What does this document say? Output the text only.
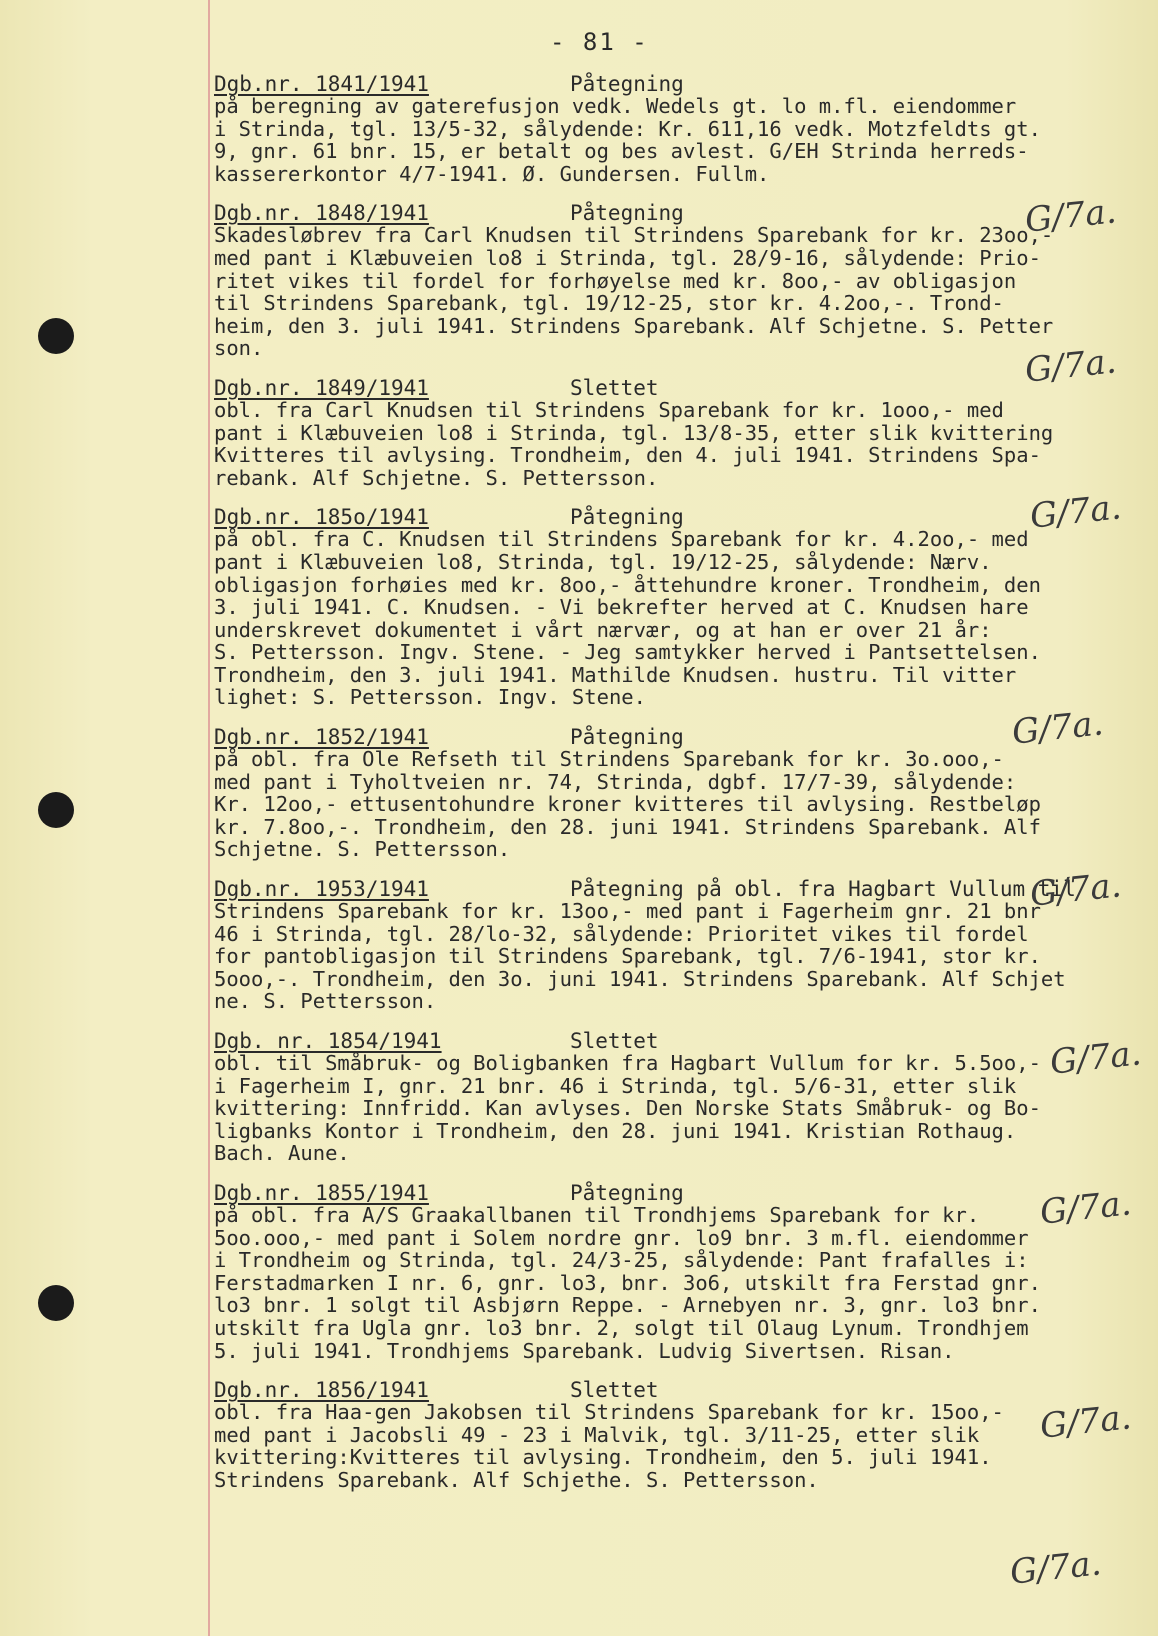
- 81 -
Dgb.nr. 1841/1941	Påtegning
på beregning av gaterefusjon vedk. Wedels gt. lo m.fl. eiendommer
i Strinda, tgl. 13/5-32, sålydende: Kr. 611,16 vedk. Motzfeldts gt.
9, gnr. 61 bnr. 15, er betalt og bes avlest. G/EH Strinda herreds-
kassererkontor 4/7-1941. Ø. Gundersen. Fullm.
Dgb.nr. 1848/1941	Påtegning
Skadesløbrev fra Carl Knudsen til Strindens Sparebank for kr. 23oo,-
med pant i Klæbuveien lo8 i Strinda, tgl. 28/9-16, sålydende: Prio-
ritet vikes til fordel for forhøyelse med kr. 8oo,- av obligasjon
til Strindens Sparebank, tgl. 19/12-25, stor kr. 4.2oo,-. Trond-
heim, den 3. juli 1941. Strindens Sparebank. Alf Schjetne. S. Petter
son.
Dgb.nr. 1849/1941	Slettet
obl. fra Carl Knudsen til Strindens Sparebank for kr. 1ooo,- med
pant i Klæbuveien lo8 i Strinda, tgl. 13/8-35, etter slik kvittering
Kvitteres til avlysing. Trondheim, den 4. juli 1941. Strindens Spa-
rebank. Alf Schjetne. S. Pettersson.
Dgb.nr. 185o/1941	Påtegning
på obl. fra C. Knudsen til Strindens Sparebank for kr. 4.2oo,- med
pant i Klæbuveien lo8, Strinda, tgl. 19/12-25, sålydende: Nærv.
obligasjon forhøies med kr. 8oo,- åttehundre kroner. Trondheim, den
3. juli 1941. C. Knudsen. - Vi bekrefter herved at C. Knudsen hare
underskrevet dokumentet i vårt nærvær, og at han er over 21 år:
S. Pettersson. Ingv. Stene. - Jeg samtykker herved i Pantsettelsen.
Trondheim, den 3. juli 1941. Mathilde Knudsen. hustru. Til vitter
lighet: S. Pettersson. Ingv. Stene.
Dgb.nr. 1852/1941	Påtegning
på obl. fra Ole Refseth til Strindens Sparebank for kr. 3o.ooo,-
med pant i Tyholtveien nr. 74, Strinda, dgbf. 17/7-39, sålydende:
Kr. 12oo,- ettusentohundre kroner kvitteres til avlysing. Restbeløp
kr. 7.8oo,-. Trondheim, den 28. juni 1941. Strindens Sparebank. Alf
Schjetne. S. Pettersson.
Dgb.nr. 1953/1941	Påtegning på obl. fra Hagbart Vullum til
Strindens Sparebank for kr. 13oo,- med pant i Fagerheim gnr. 21 bnr
46 i Strinda, tgl. 28/lo-32, sålydende: Prioritet vikes til fordel
for pantobligasjon til Strindens Sparebank, tgl. 7/6-1941, stor kr.
5ooo,-. Trondheim, den 3o. juni 1941. Strindens Sparebank. Alf Schjet
ne. S. Pettersson.
Dgb. nr. 1854/1941	Slettet
obl. til Småbruk- og Boligbanken fra Hagbart Vullum for kr. 5.5oo,-
i Fagerheim I, gnr. 21 bnr. 46 i Strinda, tgl. 5/6-31, etter slik
kvittering: Innfridd. Kan avlyses. Den Norske Stats Småbruk- og Bo-
ligbanks Kontor i Trondheim, den 28. juni 1941. Kristian Rothaug.
Bach. Aune.
Dgb.nr. 1855/1941	Påtegning
på obl. fra A/S Graakallbanen til Trondhjems Sparebank for kr.
5oo.ooo,- med pant i Solem nordre gnr. lo9 bnr. 3 m.fl. eiendommer
i Trondheim og Strinda, tgl. 24/3-25, sålydende: Pant frafalles i:
Ferstadmarken I nr. 6, gnr. lo3, bnr. 3o6, utskilt fra Ferstad gnr.
lo3 bnr. 1 solgt til Asbjørn Reppe. - Arnebyen nr. 3, gnr. lo3 bnr.
utskilt fra Ugla gnr. lo3 bnr. 2, solgt til Olaug Lynum. Trondhjem
5. juli 1941. Trondhjems Sparebank. Ludvig Sivertsen. Risan.
Dgb.nr. 1856/1941	Slettet
obl. fra Haa-gen Jakobsen til Strindens Sparebank for kr. 15oo,-
med pant i Jacobsli 49 - 23 i Malvik, tgl. 3/11-25, etter slik
kvittering:Kvitteres til avlysing. Trondheim, den 5. juli 1941.
Strindens Sparebank. Alf Schjethe. S. Pettersson.
G/7a.
G/7a.
G/7a.
G/7a.
G/7a.
G/7a.
G/7a.
G/7a.
G/7a.
